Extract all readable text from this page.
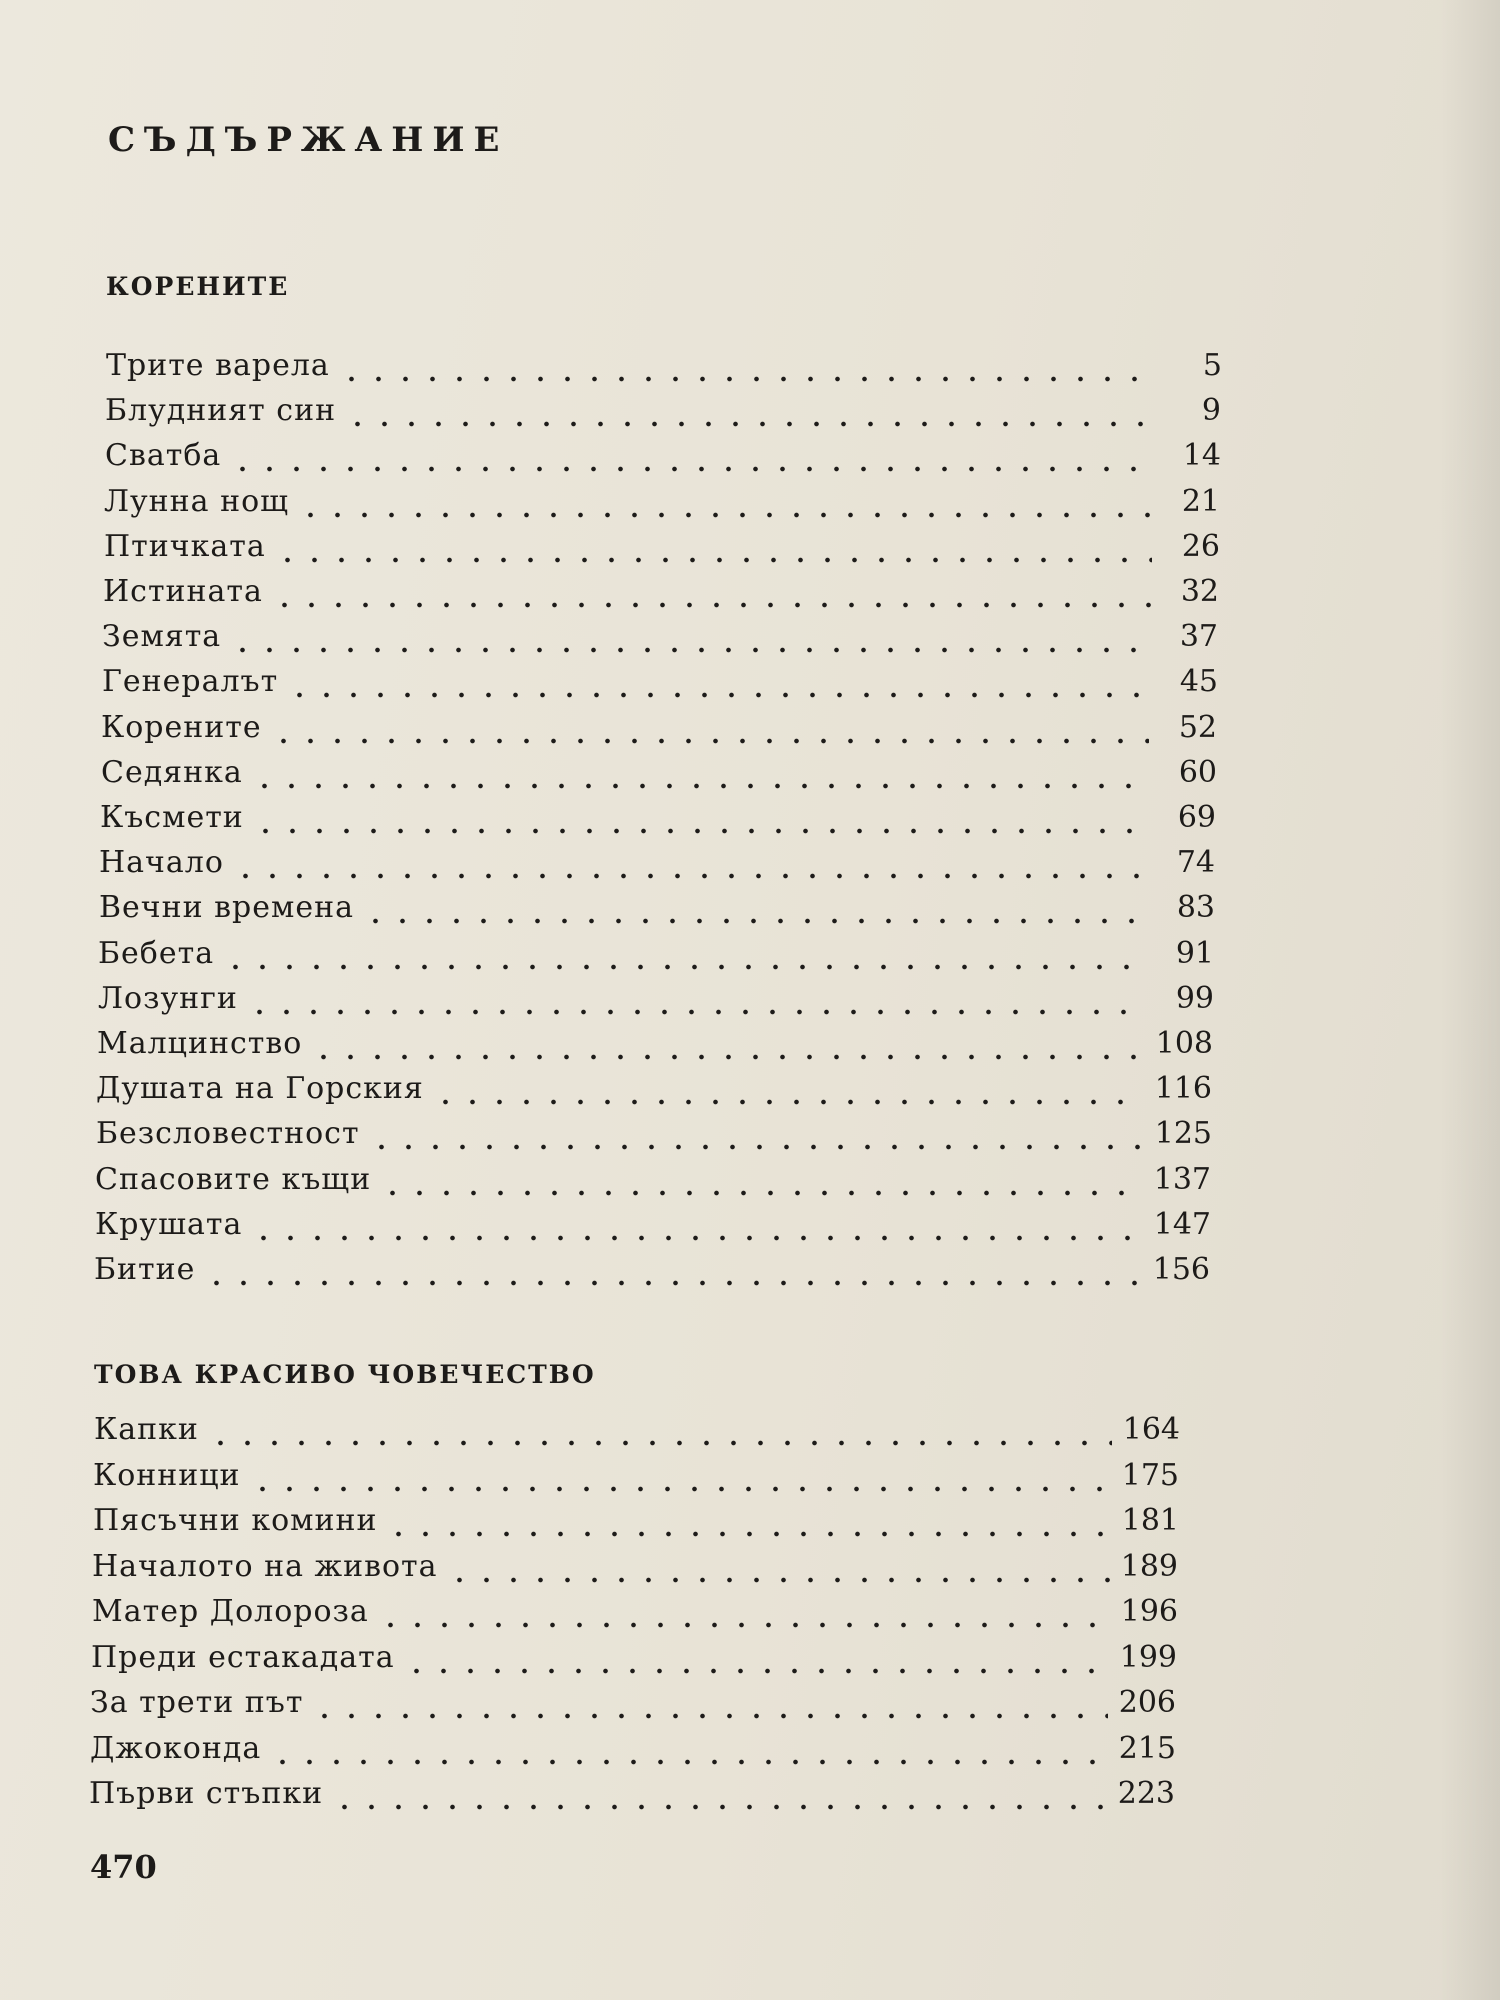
СЪДЪРЖАНИЕ
КОРЕНИТЕ
Трите варела	5
Блудният син	9
Сватба	14
Лунна нощ	21
Птичката	26
Истината	32
Земята	37
Генералът	45
Корените	52
Седянка	60
Късмети	69
Начало	74
Вечни времена	83
Бебета	91
Лозунги	99
Малцинство	108
Душата на Горския	116
Безсловестност	125
Спасовите къщи	137
Крушата	147
Битие	156
ТОВА КРАСИВО ЧОВЕЧЕСТВО
Капки	164
Конници	175
Пясъчни комини	181
Началото на живота	189
Матер Долороза	196
Преди естакадата	199
За трети път	206
Джоконда	215
Първи стъпки	223
470
